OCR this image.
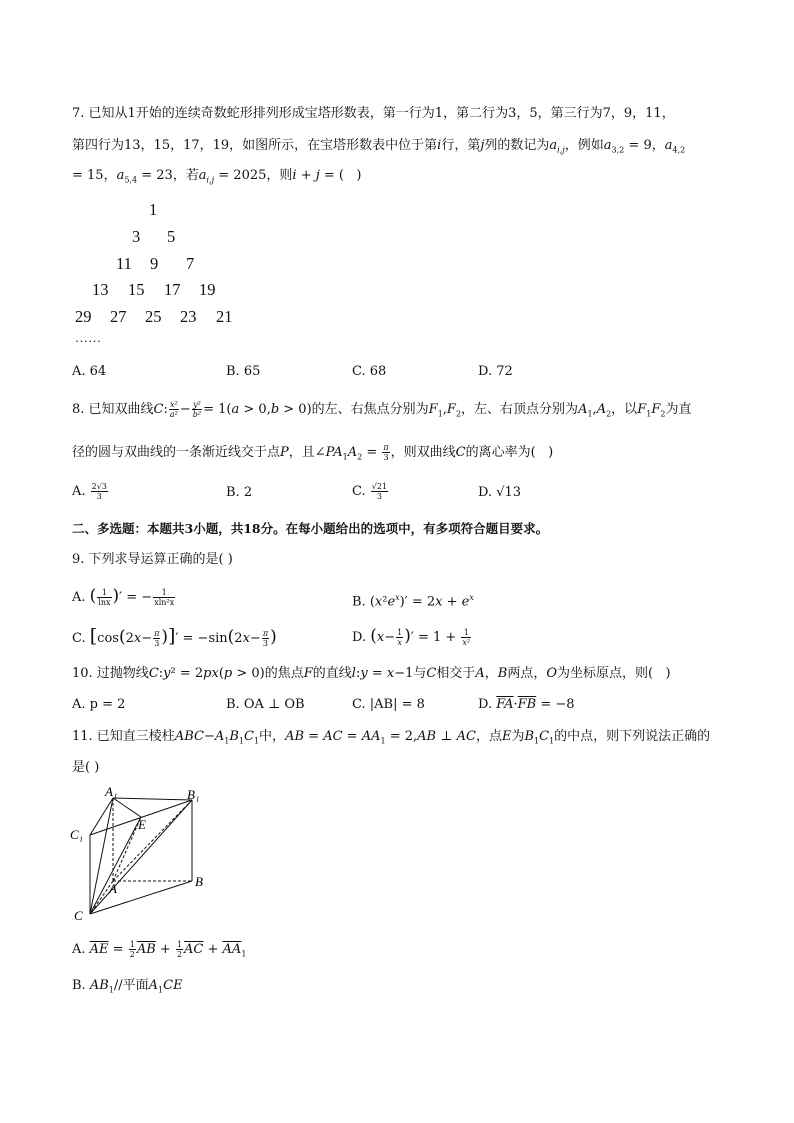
7. 已知从1开始的连续奇数蛇形排列形成宝塔形数表，第一行为1，第二行为3，5，第三行为7，9，11，
第四行为13，15，17，19，如图所示，在宝塔形数表中位于第i行，第j列的数记为$a_{i,j}$，例如$a_{3,2} = 9$，$a_{4,2}$
= 15，$a_{5,4} = 23$，若$a_{i,j} = 2025$，则i + j = (   )
1
3 5
11 9 7
13 15 17 19
29 27 25 23 21
……
A. 64	B. 65	C. 68	D. 72
8. 已知双曲线C: $\frac{\text{x²}}{\text{a²}} - \frac{\text{y²}}{\text{b²}} = 1(a > 0,b > 0)$的左、右焦点分别为$F_1,F_2$，左、右顶点分别为$A_1,A_2$，以$F_1F_2$为直
径的圆与双曲线的一条渐近线交于点P，且$\angle PA_1A_2 = \frac{\pi}{3}$ ，则双曲线C的离心率为(   )
A. $\frac{2√3}{3}$	B. 2	C. $\frac{√21}{3}$	D. √13
二、多选题：本题共3小题，共18分。在每小题给出的选项中，有多项符合题目要求。
9. 下列求导运算正确的是( )
A. ( $\frac{1}{\ln x}$ )′ = − $\frac{1}{\text{xln²x}}$	B. $(x^2e^x)' = 2x + e^x$
C. [$\cos(2x- \frac{\pi}{3}$ )]′ = $-\sin(2x- \frac{\pi}{3}$ )	D. ($x- \frac{1}{x}$ )′ = $1 + \frac{1}{\text{x²}}$
10. 过抛物线C:y² = 2px(p > 0)的焦点F的直线l:y = x−1与C相交于A，B两点，O为坐标原点，则(   )
A. p = 2	B. OA ⊥ OB	C. |AB| = 8	D. $\overline{FA}\cdot\overline{FB} = -8$
11. 已知直三棱柱$ABC-A_1B_1C_1$中，AB = AC = $AA_1 = 2,AB$ ⊥ AC，点E为$B_1C_1$的中点，则下列说法正确的
是( )
A₁	B₁
C₁
E
A	B
C
A. $\overline{AE} = \frac{1}{2} \overline{AB} + \frac{1}{2} \overline{AC} + \overline{AA}_1$
B. $AB_1//$平面$A_1CE$
